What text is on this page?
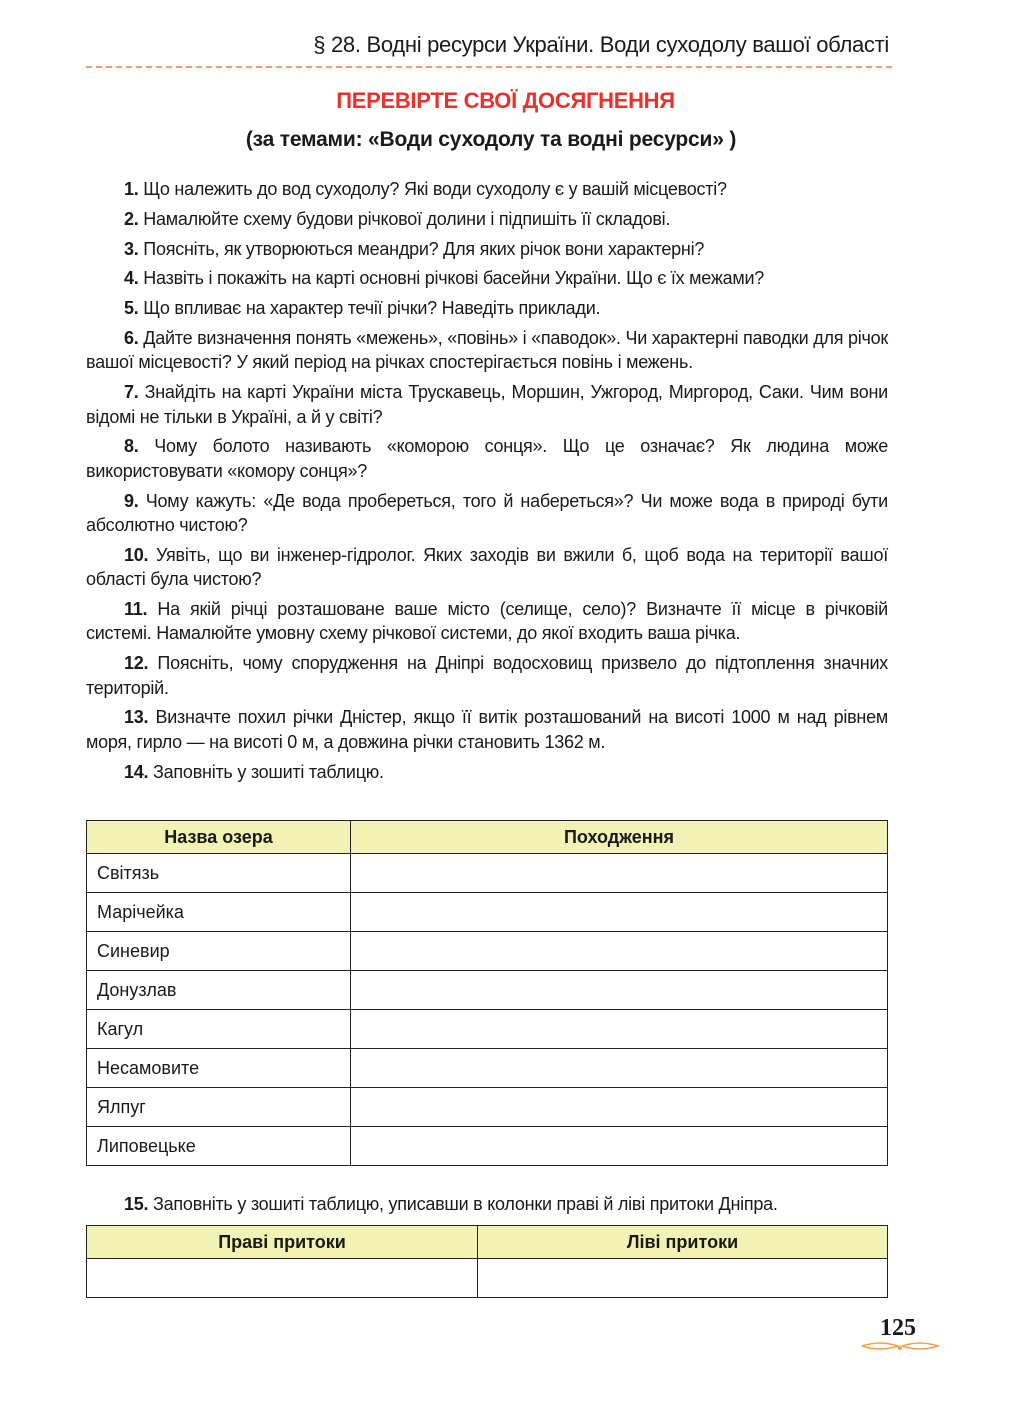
§ 28. Водні ресурси України. Води суходолу вашої області
ПЕРЕВІРТЕ СВОЇ ДОСЯГНЕННЯ
(за темами: «Води суходолу та водні ресурси» )
1. Що належить до вод суходолу? Які води суходолу є у вашій місцевості?
2. Намалюйте схему будови річкової долини і підпишіть її складові.
3. Поясніть, як утворюються меандри? Для яких річок вони характерні?
4. Назвіть і покажіть на карті основні річкові басейни України. Що є їх межами?
5. Що впливає на характер течії річки? Наведіть приклади.
6. Дайте визначення понять «межень», «повінь» і «паводок». Чи характерні паводки для річок вашої місцевості? У який період на річках спостерігається повінь і межень.
7. Знайдіть на карті України міста Трускавець, Моршин, Ужгород, Миргород, Саки. Чим вони відомі не тільки в Україні, а й у світі?
8. Чому болото називають «коморою сонця». Що це означає? Як людина може використовувати «комору сонця»?
9. Чому кажуть: «Де вода пробереться, того й набереться»? Чи може вода в природі бути абсолютно чистою?
10. Уявіть, що ви інженер-гідролог. Яких заходів ви вжили б, щоб вода на території вашої області була чистою?
11. На якій річці розташоване ваше місто (селище, село)? Визначте її місце в річковій системі. Намалюйте умовну схему річкової системи, до якої входить ваша річка.
12. Поясніть, чому спорудження на Дніпрі водосховищ призвело до підтоплення значних територій.
13. Визначте похил річки Дністер, якщо її витік розташований на висоті 1000 м над рівнем моря, гирло — на висоті 0 м, а довжина річки становить 1362 м.
14. Заповніть у зошиті таблицю.
Назва озера	Походження
Світязь	
Марічейка	
Синевир	
Донузлав	
Кагул	
Несамовите	
Ялпуг	
Липовецьке	
15. Заповніть у зошиті таблицю, уписавши в колонки праві й ліві притоки Дніпра.
Праві притоки	Ліві притоки

125
